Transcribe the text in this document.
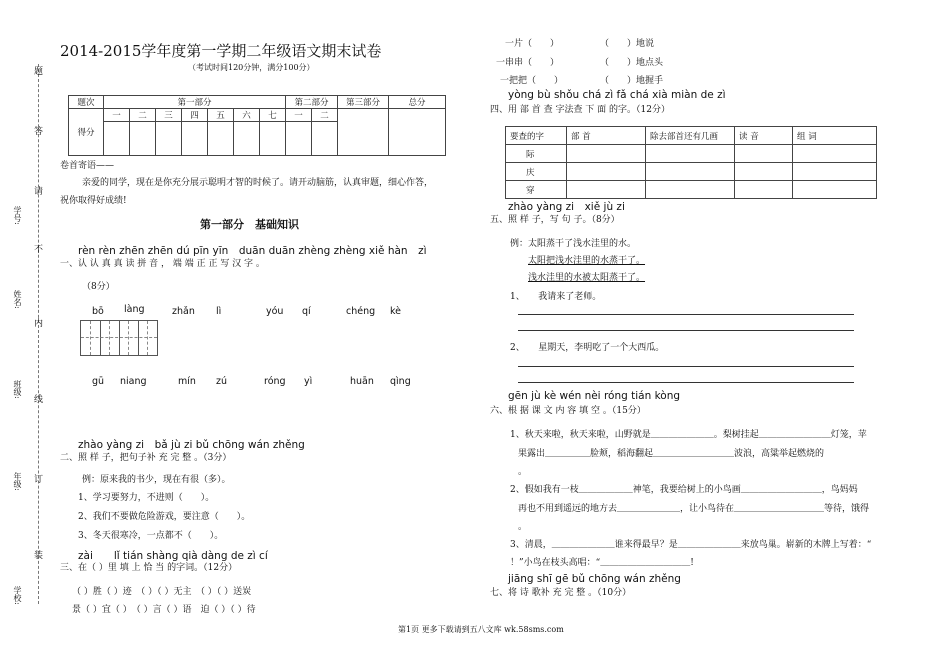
题
答
请
不
内
线
订
装
学号:
姓名:
班级:
年级:
学校:
2014-2015学年度第一学期二年级语文期末试卷
（考试时间120分钟，满分100分）
题次	第一部分							第二部分		第三部分	总分
得分	一	二	三	四	五	六	七	一	二		

卷首寄语——
亲爱的同学，现在是你充分展示聪明才智的时候了。请开动脑筋，认真审题，细心作答，
祝你取得好成绩!
第一部分　基础知识
rèn rèn zhēn zhēn dú pīn yīn　duān duān zhèng zhèng xiě hàn　zì
一、认 认 真 真 读 拼 音 ， 端 端 正 正 写 汉 字 。
（8分）
bō làng	zhǎn lì	yóu qí	chéng kè
gū niang	mín zú	róng yì	huān qìng
zhào yàng zi　bǎ jù zi bǔ chōng wán zhěng
二、照 样 子，把句子补 充 完 整 。（3分）
例：原来我的书少，现在有很（多）。
1、学习要努力，不进则（　　）。
2、我们不要做危险游戏，要注意（　　）。
3、冬天很寒冷，一点都不（　　）。
zài　　lǐ tián shàng qià dàng de zì cí
三、在（ ）里 填 上 恰 当 的字词。（12分）
（ ）胜（ ）迹　（ ）（ ）无主　（ ）（ ）送炭
景（ ）宜（ ）　（ ）言（ ）语　迫（ ）（ ）待
一片（　　）	（　　）地说
一串串（　　）	（　　）地点头
一把把（　　）	（　　）地握手
yòng bù shǒu chá zì fǎ chá xià miàn de zì
四、用 部 首 查 字法查 下 面 的字。（12分）
要查的字	部 首	除去部首还有几画	读 音	组 词
际				
庆				
穿				
zhào yàng zi　xiě jù zi
五、照 样 子，写 句 子。（8分）
例：太阳蒸干了浅水洼里的水。
太阳把浅水洼里的水蒸干了。
浅水洼里的水被太阳蒸干了。
1、　　我请来了老师。
2、　　星期天，李明吃了一个大西瓜。
gēn jù kè wén nèi róng tián kòng
六、根 据 课 文 内 容 填 空 。（15分）
1、秋天来啦，秋天来啦，山野就是＿＿＿＿＿＿＿。梨树挂起＿＿＿＿＿＿＿＿灯笼，苹
果露出＿＿＿＿＿脸颊，稻海翻起＿＿＿＿＿＿＿＿＿波浪，高粱举起燃烧的
。
2、假如我有一枝＿＿＿＿＿＿神笔，我要给树上的小鸟画＿＿＿＿＿＿＿＿＿，鸟妈妈
再也不用到遥远的地方去＿＿＿＿＿＿＿，让小鸟待在＿＿＿＿＿＿＿＿＿＿等待，饿得
。
3、清晨，＿＿＿＿＿＿＿谁来得最早？是＿＿＿＿＿＿＿来放鸟巢。崭新的木牌上写着：“
！”小鸟在枝头高唱：“＿＿＿＿＿＿＿＿＿＿!
jiāng shī gē bǔ chōng wán zhěng
七、将 诗 歌补 充 完 整 。（10分）
第1页 更多下载请到五八文库 wk.58sms.com
